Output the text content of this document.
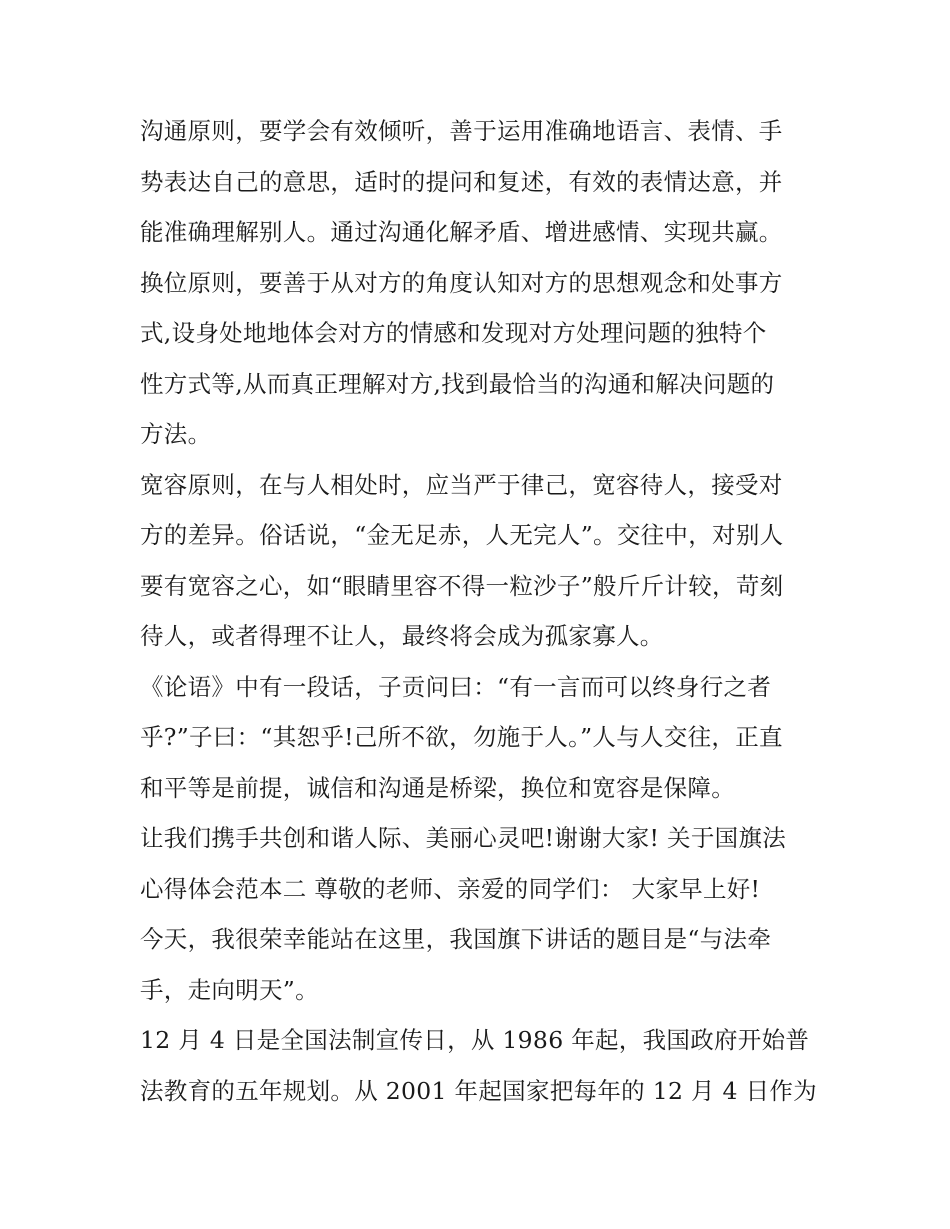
沟通原则，要学会有效倾听，善于运用准确地语言、表情、手
势表达自己的意思，适时的提问和复述，有效的表情达意，并
能准确理解别人。通过沟通化解矛盾、增进感情、实现共赢。
换位原则，要善于从对方的角度认知对方的思想观念和处事方
式,设身处地地体会对方的情感和发现对方处理问题的独特个
性方式等,从而真正理解对方,找到最恰当的沟通和解决问题的
方法。
宽容原则，在与人相处时，应当严于律己，宽容待人，接受对
方的差异。俗话说，“金无足赤，人无完人”。交往中，对别人
要有宽容之心，如“眼睛里容不得一粒沙子”般斤斤计较，苛刻
待人，或者得理不让人，最终将会成为孤家寡人。
《论语》中有一段话，子贡问曰：“有一言而可以终身行之者
乎?”子曰：“其恕乎!己所不欲，勿施于人。”人与人交往，正直
和平等是前提，诚信和沟通是桥梁，换位和宽容是保障。
让我们携手共创和谐人际、美丽心灵吧!谢谢大家! 关于国旗法
心得体会范本二 尊敬的老师、亲爱的同学们： 大家早上好!
今天，我很荣幸能站在这里，我国旗下讲话的题目是“与法牵
手，走向明天”。
12 月 4 日是全国法制宣传日，从 1986 年起，我国政府开始普
法教育的五年规划。从 2001 年起国家把每年的 12 月 4 日作为
